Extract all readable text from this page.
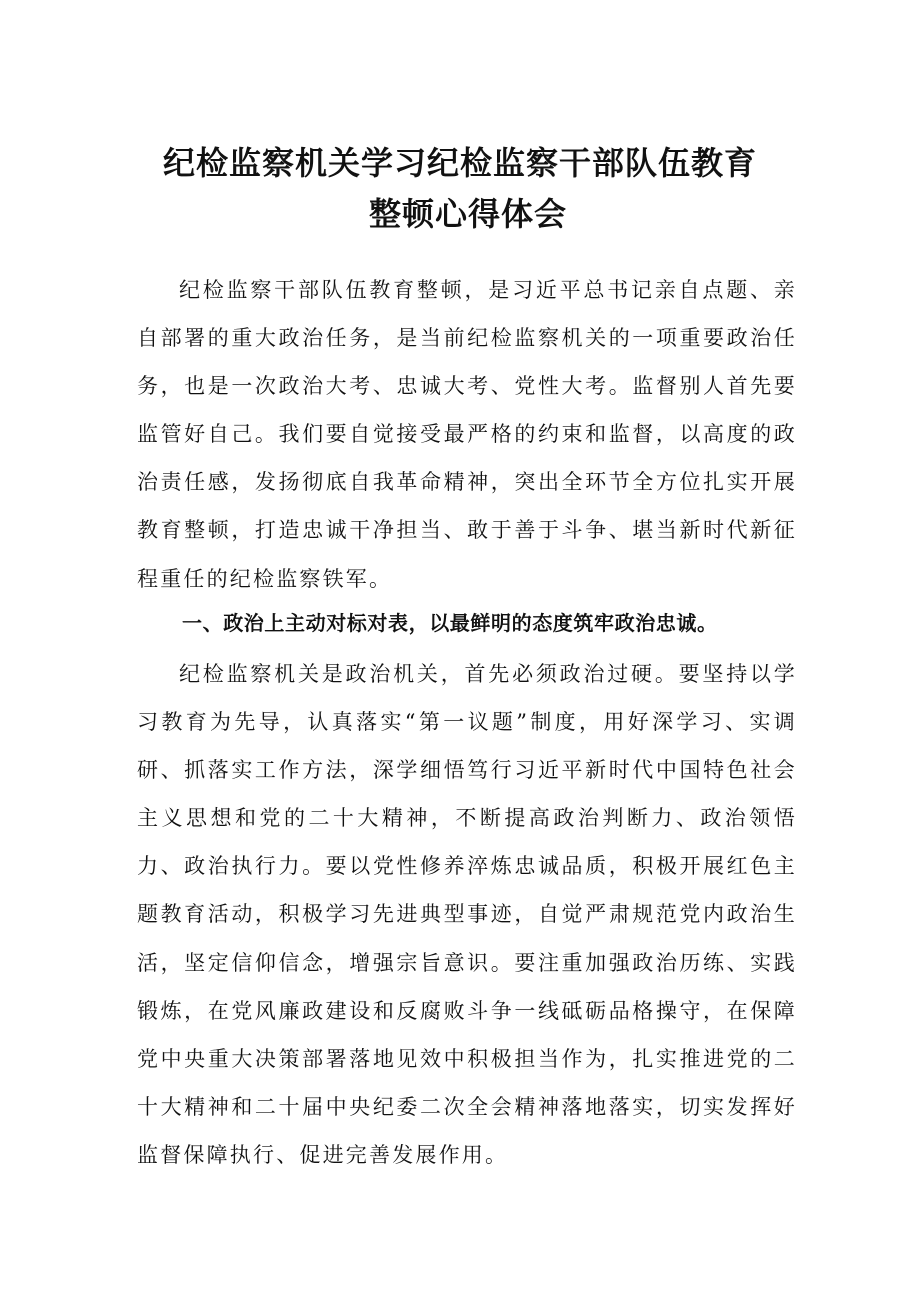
纪检监察机关学习纪检监察干部队伍教育
整顿心得体会

纪检监察干部队伍教育整顿，是习近平总书记亲自点题、亲自部署的重大政治任务，是当前纪检监察机关的一项重要政治任务，也是一次政治大考、忠诚大考、党性大考。监督别人首先要监管好自己。我们要自觉接受最严格的约束和监督，以高度的政治责任感，发扬彻底自我革命精神，突出全环节全方位扎实开展教育整顿，打造忠诚干净担当、敢于善于斗争、堪当新时代新征程重任的纪检监察铁军。

一、政治上主动对标对表，以最鲜明的态度筑牢政治忠诚。

纪检监察机关是政治机关，首先必须政治过硬。要坚持以学习教育为先导，认真落实“第一议题”制度，用好深学习、实调研、抓落实工作方法，深学细悟笃行习近平新时代中国特色社会主义思想和党的二十大精神，不断提高政治判断力、政治领悟力、政治执行力。要以党性修养淬炼忠诚品质，积极开展红色主题教育活动，积极学习先进典型事迹，自觉严肃规范党内政治生活，坚定信仰信念，增强宗旨意识。要注重加强政治历练、实践锻炼，在党风廉政建设和反腐败斗争一线砥砺品格操守，在保障党中央重大决策部署落地见效中积极担当作为，扎实推进党的二十大精神和二十届中央纪委二次全会精神落地落实，切实发挥好监督保障执行、促进完善发展作用。
